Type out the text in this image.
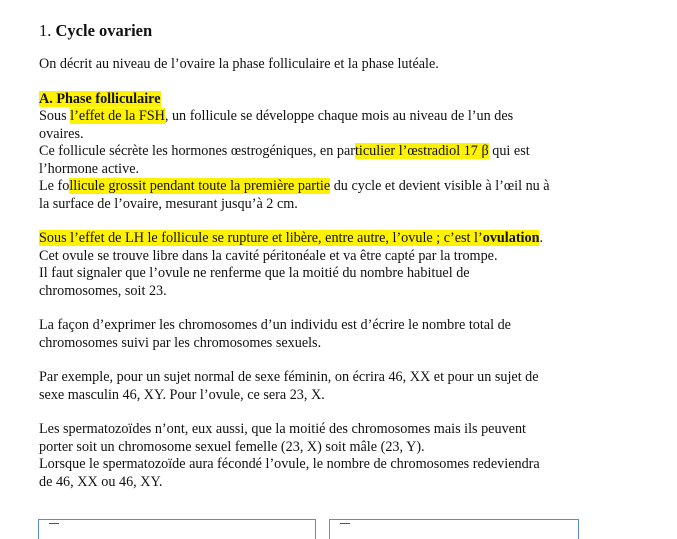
1. Cycle ovarien

On décrit au niveau de l’ovaire la phase folliculaire et la phase lutéale.

A. Phase folliculaire

Sous l’effet de la FSH, un follicule se développe chaque mois au niveau de l’un des
ovaires.

Ce follicule sécrète les hormones œstrogéniques, en particulier l’œstradiol 17 β qui est
l’hormone active.

Le follicule grossit pendant toute la première partie du cycle et devient visible à l’œil nu à
la surface de l’ovaire, mesurant jusqu’à 2 cm.

Sous l’effet de LH le follicule se rupture et libère, entre autre, l’ovule ; c’est l’ovulation.

Cet ovule se trouve libre dans la cavité péritonéale et va être capté par la trompe.

Il faut signaler que l’ovule ne renferme que la moitié du nombre habituel de
chromosomes, soit 23.

La façon d’exprimer les chromosomes d’un individu est d’écrire le nombre total de
chromosomes suivi par les chromosomes sexuels.

Par exemple, pour un sujet normal de sexe féminin, on écrira 46, XX et pour un sujet de
sexe masculin 46, XY. Pour l’ovule, ce sera 23, X.

Les spermatozoïdes n’ont, eux aussi, que la moitié des chromosomes mais ils peuvent
porter soit un chromosome sexuel femelle (23, X) soit mâle (23, Y).

Lorsque le spermatozoïde aura fécondé l’ovule, le nombre de chromosomes redeviendra
de 46, XX ou 46, XY.
